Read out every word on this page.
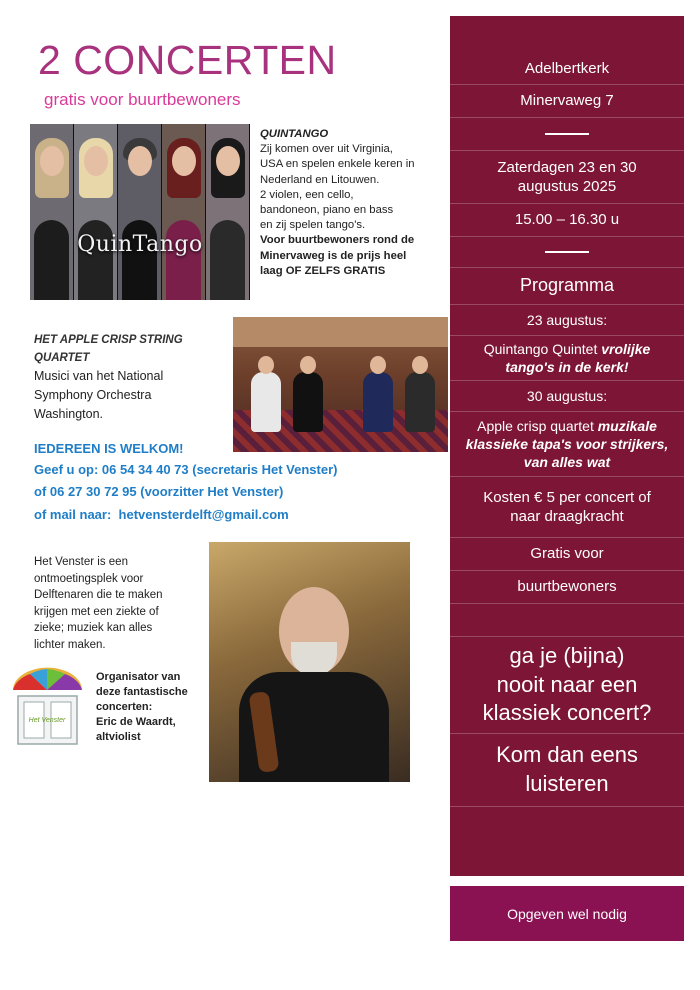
2 CONCERTEN
gratis voor buurtbewoners
QuinTango
QUINTANGO
Zij komen over uit Virginia,
USA en spelen enkele keren in
Nederland en Litouwen.
2 violen, een cello,
bandoneon, piano en bass
en zij spelen tango's.
Voor buurtbewoners rond de
Minervaweg is de prijs heel
laag OF ZELFS GRATIS
HET APPLE CRISP STRING
QUARTET
Musici van het National
Symphony Orchestra
Washington.
IEDEREEN IS WELKOM!
Geef u op: 06 54 34 40 73 (secretaris Het Venster)
of 06 27 30 72 95 (voorzitter Het Venster)
of mail naar: hetvensterdelft@gmail.com
Het Venster is een
ontmoetingsplek voor
Delftenaren die te maken
krijgen met een ziekte of
zieke; muziek kan alles
lichter maken.
Het Venster
Organisator van
deze fantastische
concerten:
Eric de Waardt,
altviolist
Adelbertkerk
Minervaweg 7
Zaterdagen 23 en 30
augustus 2025
15.00 – 16.30 u
Programma
23 augustus:
Quintango Quintet vrolijke
tango's in de kerk!
30 augustus:
Apple crisp quartet muzikale
klassieke tapa's voor strijkers,
van alles wat
Kosten € 5 per concert of
naar draagkracht
Gratis voor
buurtbewoners
ga je (bijna)
nooit naar een
klassiek concert?
Kom dan eens
luisteren
Opgeven wel nodig
